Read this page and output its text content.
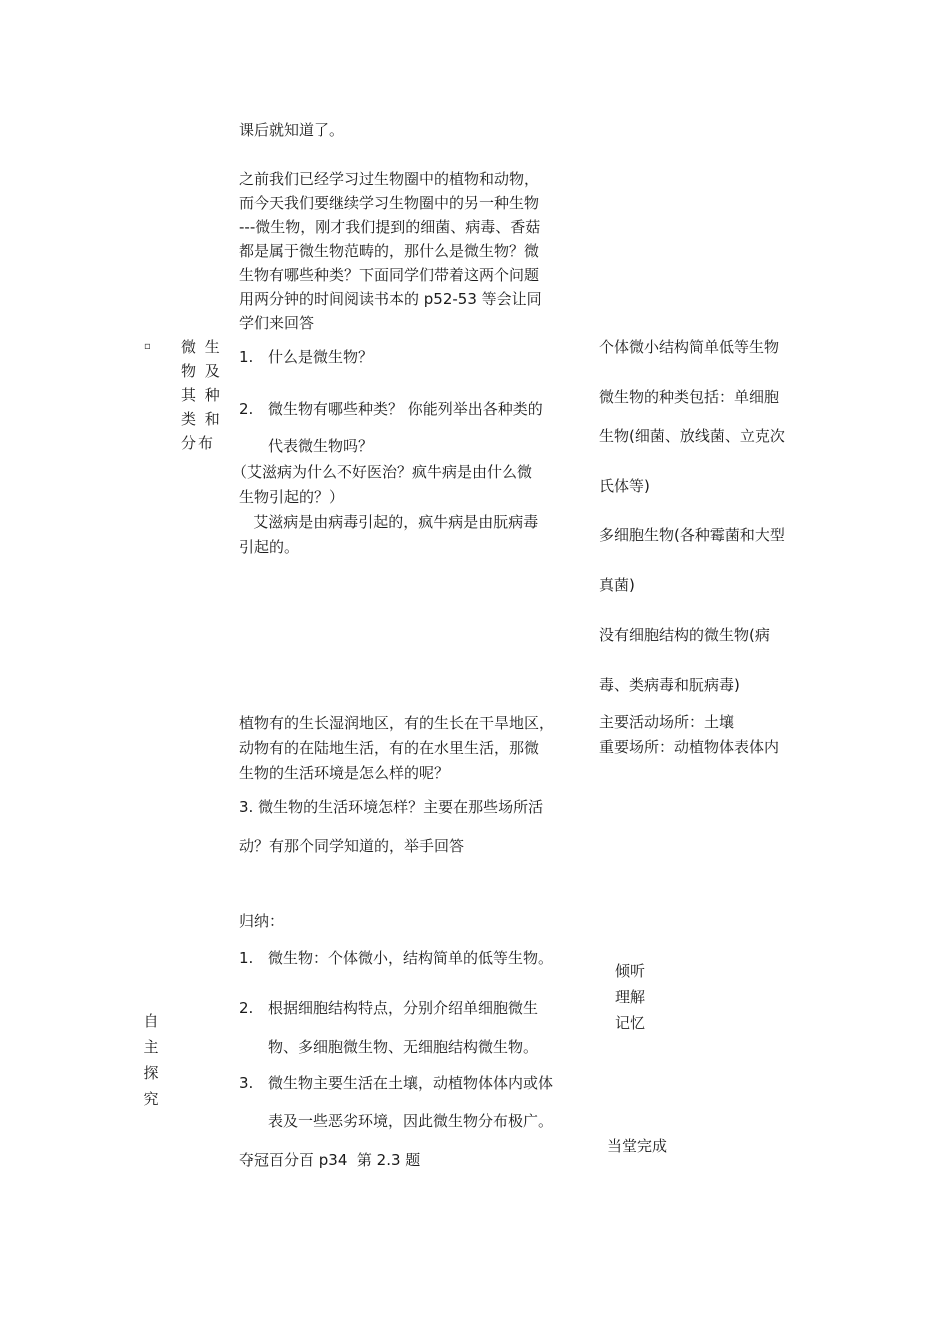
▫ 微 生
物 及
其 种
类 和
分布
自
主
探
究

课后就知道了。

之前我们已经学习过生物圈中的植物和动物，
而今天我们要继续学习生物圈中的另一种生物
---微生物，刚才我们提到的细菌、病毒、香菇
都是属于微生物范畴的，那什么是微生物？微
生物有哪些种类？下面同学们带着这两个问题
用两分钟的时间阅读书本的 p52-53 等会让同
学们来回答
1. 什么是微生物？

2. 微生物有哪些种类？ 你能列举出各种类的

代表微生物吗？

（艾滋病为什么不好医治？疯牛病是由什么微

生物引起的？）

艾滋病是由病毒引起的，疯牛病是由朊病毒

引起的。

植物有的生长湿润地区，有的生长在干旱地区，

动物有的在陆地生活，有的在水里生活，那微

生物的生活环境是怎么样的呢？

3. 微生物的生活环境怎样？主要在那些场所活

动？有那个同学知道的，举手回答

归纳：

1. 微生物：个体微小，结构简单的低等生物。

2. 根据细胞结构特点，分别介绍单细胞微生

物、多细胞微生物、无细胞结构微生物。

3. 微生物主要生活在土壤，动植物体体内或体

表及一些恶劣环境，因此微生物分布极广。

夺冠百分百 p34  第 2.3 题

个体微小结构简单低等生物

微生物的种类包括：单细胞

生物(细菌、放线菌、立克次

氏体等)

多细胞生物(各种霉菌和大型

真菌)

没有细胞结构的微生物(病

毒、类病毒和朊病毒)

主要活动场所：土壤

重要场所：动植物体表体内

倾听
理解
记忆

当堂完成
